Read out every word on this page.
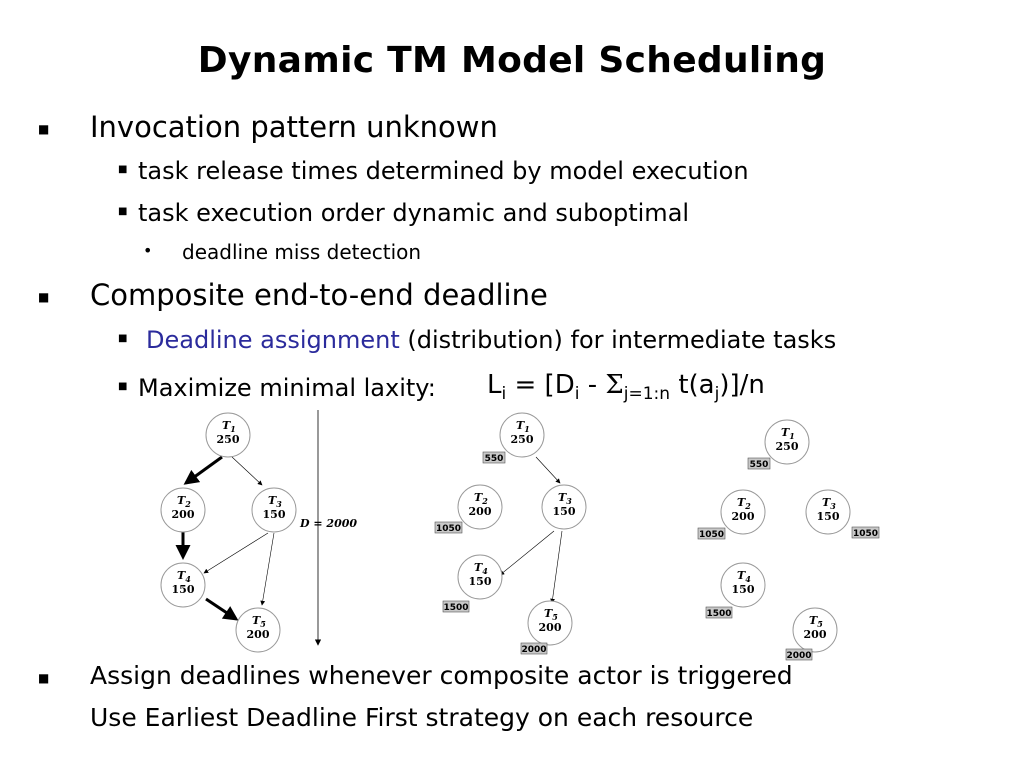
Dynamic TM Model Scheduling
■ Invocation pattern unknown
■ task release times determined by model execution
■ task execution order dynamic and suboptimal
• deadline miss detection
■ Composite end-to-end deadline
■ Deadline assignment (distribution) for intermediate tasks
■ Maximize minimal laxity: $L_i = [D_i - \Sigma_{j=1:n}$ $t(a_j)]/n$
D = 2000
$T_1$
250
$T_2$
200
$T_3$
150
$T_4$
150
$T_5$
200
$T_1$
250
550
$T_2$
200
1050
$T_3$
150
$T_4$
150
1500	$T_5$
200
2000
$T_1$
250
550
$T_2$
200
1050
$T_3$
150
1050
$T_4$
150
1500	$T_5$
200
2000
■ Assign deadlines whenever composite actor is triggered
Use Earliest Deadline First strategy on each resource
